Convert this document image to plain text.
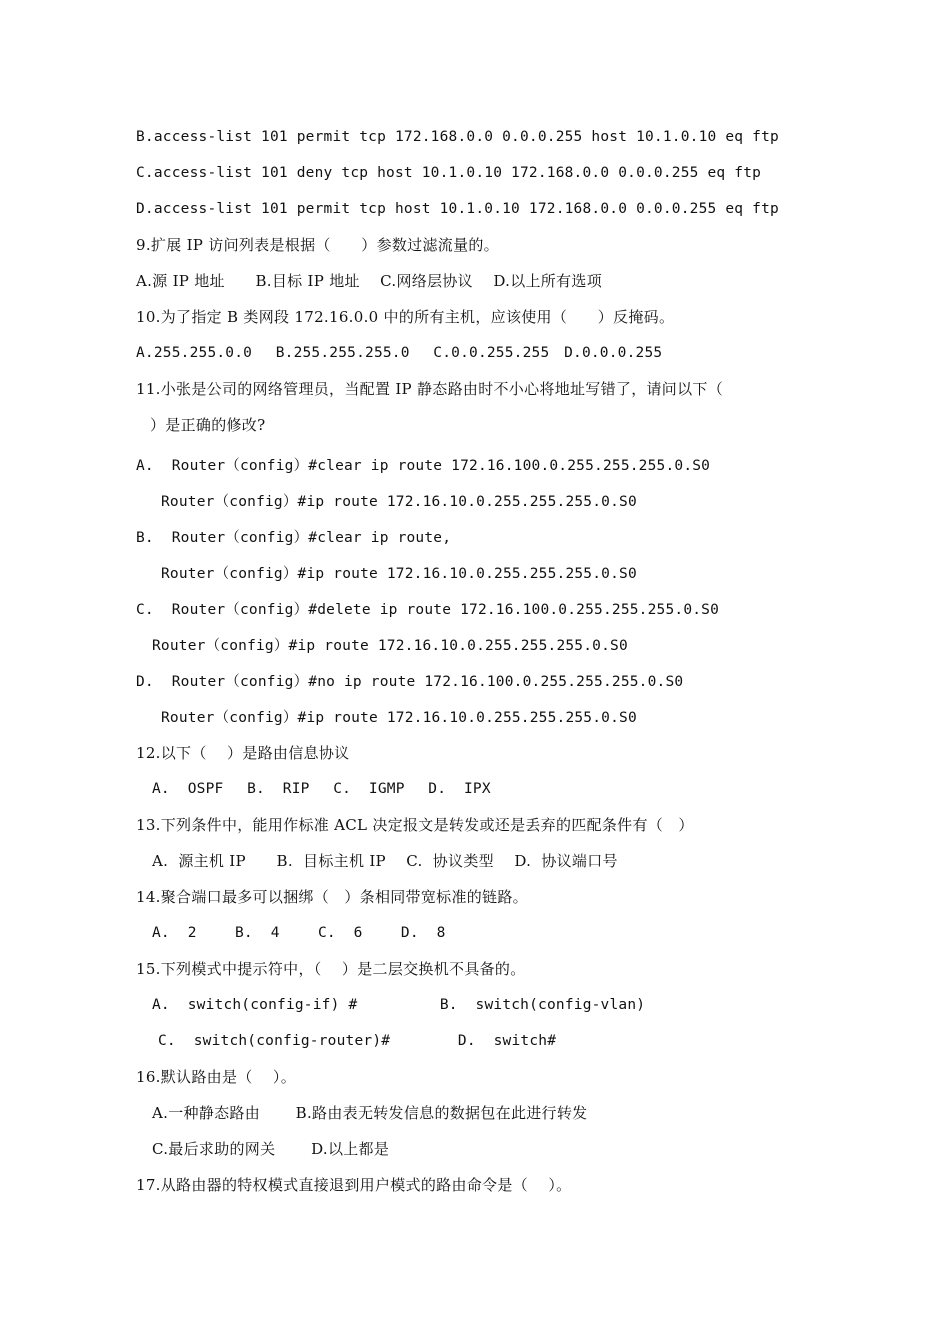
B.access-list 101 permit tcp 172.168.0.0 0.0.0.255 host 10.1.0.10 eq ftp
C.access-list 101 deny tcp host 10.1.0.10 172.168.0.0 0.0.0.255 eq ftp
D.access-list 101 permit tcp host 10.1.0.10 172.168.0.0 0.0.0.255 eq ftp
9.扩展 IP 访问列表是根据（　　）参数过滤流量的。
A.源 IP 地址　　B.目标 IP 地址　 C.网络层协议　 D.以上所有选项
10.为了指定 B 类网段 172.16.0.0 中的所有主机，应该使用（　　）反掩码。
A.255.255.0.0　 B.255.255.255.0　 C.0.0.255.255　D.0.0.0.255
11.小张是公司的网络管理员，当配置 IP 静态路由时不小心将地址写错了，请问以下（
）是正确的修改?
A.  Router（config）#clear ip route 172.16.100.0.255.255.255.0.S0
Router（config）#ip route 172.16.10.0.255.255.255.0.S0
B.  Router（config）#clear ip route,
Router（config）#ip route 172.16.10.0.255.255.255.0.S0
C.  Router（config）#delete ip route 172.16.100.0.255.255.255.0.S0
Router（config）#ip route 172.16.10.0.255.255.255.0.S0
D.  Router（config）#no ip route 172.16.100.0.255.255.255.0.S0
Router（config）#ip route 172.16.10.0.255.255.255.0.S0
12.以下（　 ）是路由信息协议
A.  OSPF　 B.  RIP　 C.  IGMP　 D.  IPX
13.下列条件中，能用作标准 ACL 决定报文是转发或还是丢弃的匹配条件有（　）
A.  源主机 IP　　B.  目标主机 IP　 C.  协议类型　 D.  协议端口号
14.聚合端口最多可以捆绑（　）条相同带宽标准的链路。
A.  2　　 B.  4　　 C.  6　　 D.  8
15.下列模式中提示符中，（　 ）是二层交换机不具备的。
A.  switch(config-if) #　　　　　 B.  switch(config-vlan)
C.  switch(config-router)#　　　　 D.  switch#
16.默认路由是（　 ）。
A.一种静态路由　　 B.路由表无转发信息的数据包在此进行转发
C.最后求助的网关　　 D.以上都是
17.从路由器的特权模式直接退到用户模式的路由命令是（　 ）。
